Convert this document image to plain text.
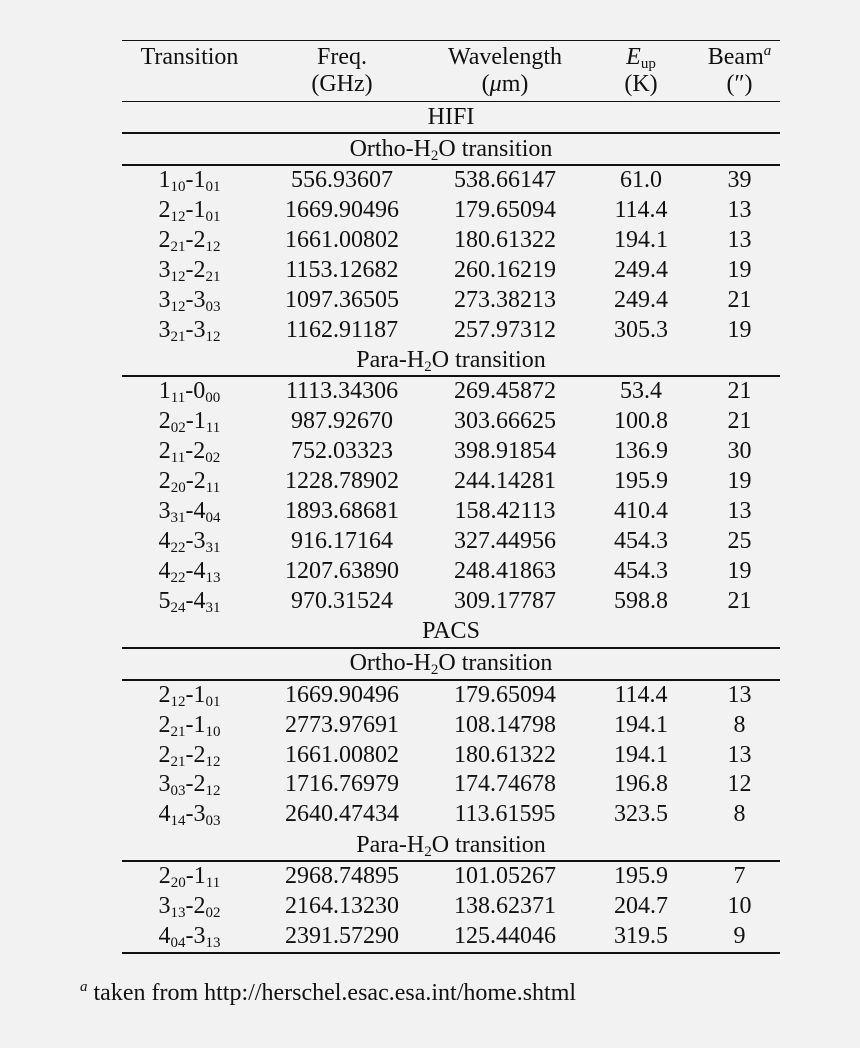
Transition	Freq.	Wavelength	$E_{up}$	Beam$^a$
	(GHz)	(μm)	(K)	(″)
HIFI				
Ortho-$H_2O$ transition				
$1_{10}-1_{01}$	556.93607	538.66147	61.0	39
$2_{12}-1_{01}$	1669.90496	179.65094	114.4	13
$2_{21}-2_{12}$	1661.00802	180.61322	194.1	13
$3_{12}-2_{21}$	1153.12682	260.16219	249.4	19
$3_{12}-3_{03}$	1097.36505	273.38213	249.4	21
$3_{21}-3_{12}$	1162.91187	257.97312	305.3	19
Para-$H_2O$ transition				
$1_{11}-0_{00}$	1113.34306	269.45872	53.4	21
$2_{02}-1_{11}$	987.92670	303.66625	100.8	21
$2_{11}-2_{02}$	752.03323	398.91854	136.9	30
$2_{20}-2_{11}$	1228.78902	244.14281	195.9	19
$3_{31}-4_{04}$	1893.68681	158.42113	410.4	13
$4_{22}-3_{31}$	916.17164	327.44956	454.3	25
$4_{22}-4_{13}$	1207.63890	248.41863	454.3	19
$5_{24}-4_{31}$	970.31524	309.17787	598.8	21
PACS				
Ortho-$H_2O$ transition				
$2_{12}-1_{01}$	1669.90496	179.65094	114.4	13
$2_{21}-1_{10}$	2773.97691	108.14798	194.1	8
$2_{21}-2_{12}$	1661.00802	180.61322	194.1	13
$3_{03}-2_{12}$	1716.76979	174.74678	196.8	12
$4_{14}-3_{03}$	2640.47434	113.61595	323.5	8
Para-$H_2O$ transition				
$2_{20}-1_{11}$	2968.74895	101.05267	195.9	7
$3_{13}-2_{02}$	2164.13230	138.62371	204.7	10
$4_{04}-3_{13}$	2391.57290	125.44046	319.5	9
$^a$ taken from http://herschel.esac.esa.int/home.shtml
